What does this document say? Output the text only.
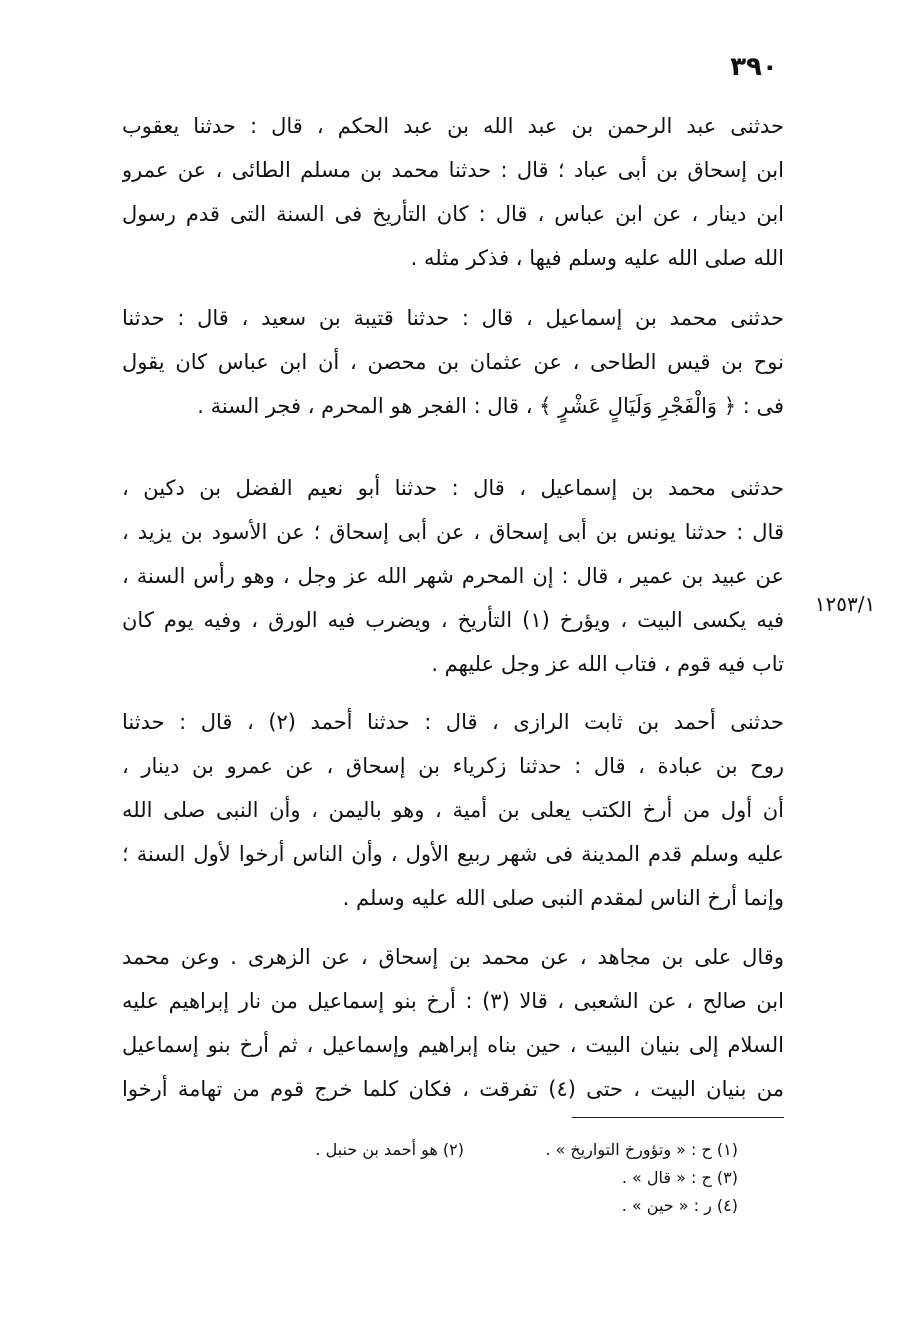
٣٩٠
حدثنى عبد الرحمن بن عبد الله بن عبد الحكم ، قال : حدثنا يعقوب
ابن إسحاق بن أبى عباد ؛ قال : حدثنا محمد بن مسلم الطائى ، عن عمرو
ابن دينار ، عن ابن عباس ، قال : كان التأريخ فى السنة التى قدم رسول
الله صلى الله عليه وسلم فيها ، فذكر مثله .
حدثنى محمد بن إسماعيل ، قال : حدثنا قتيبة بن سعيد ، قال : حدثنا
نوح بن قيس الطاحى ، عن عثمان بن محصن ، أن ابن عباس كان يقول
فى : ﴿ وَالْفَجْرِ وَلَيَالٍ عَشْرٍ ﴾ ، قال : الفجر هو المحرم ، فجر السنة .
حدثنى محمد بن إسماعيل ، قال : حدثنا أبو نعيم الفضل بن دكين ،
قال : حدثنا يونس بن أبى إسحاق ، عن أبى إسحاق ؛ عن الأسود بن يزيد ،
عن عبيد بن عمير ، قال : إن المحرم شهر الله عز وجل ، وهو رأس السنة ،
فيه يكسى البيت ، ويؤرخ (١) التأريخ ، ويضرب فيه الورق ، وفيه يوم كان
تاب فيه قوم ، فتاب الله عز وجل عليهم .
١٢٥٣/١
حدثنى أحمد بن ثابت الرازى ، قال : حدثنا أحمد (٢) ، قال : حدثنا
روح بن عبادة ، قال : حدثنا زكرياء بن إسحاق ، عن عمرو بن دينار ،
أن أول من أرخ الكتب يعلى بن أمية ، وهو باليمن ، وأن النبى صلى الله
عليه وسلم قدم المدينة فى شهر ربيع الأول ، وأن الناس أرخوا لأول السنة ؛
وإنما أرخ الناس لمقدم النبى صلى الله عليه وسلم .
وقال على بن مجاهد ، عن محمد بن إسحاق ، عن الزهرى . وعن محمد
ابن صالح ، عن الشعبى ، قالا (٣) : أرخ بنو إسماعيل من نار إبراهيم عليه
السلام إلى بنيان البيت ، حين بناه إبراهيم وإسماعيل ، ثم أرخ بنو إسماعيل
من بنيان البيت ، حتى (٤) تفرقت ، فكان كلما خرج قوم من تهامة أرخوا
(١) ح : « وتؤورخ التواريخ » .
(٢) هو أحمد بن حنبل .
(٣) ح : « قال » .
(٤) ر : « حين » .
